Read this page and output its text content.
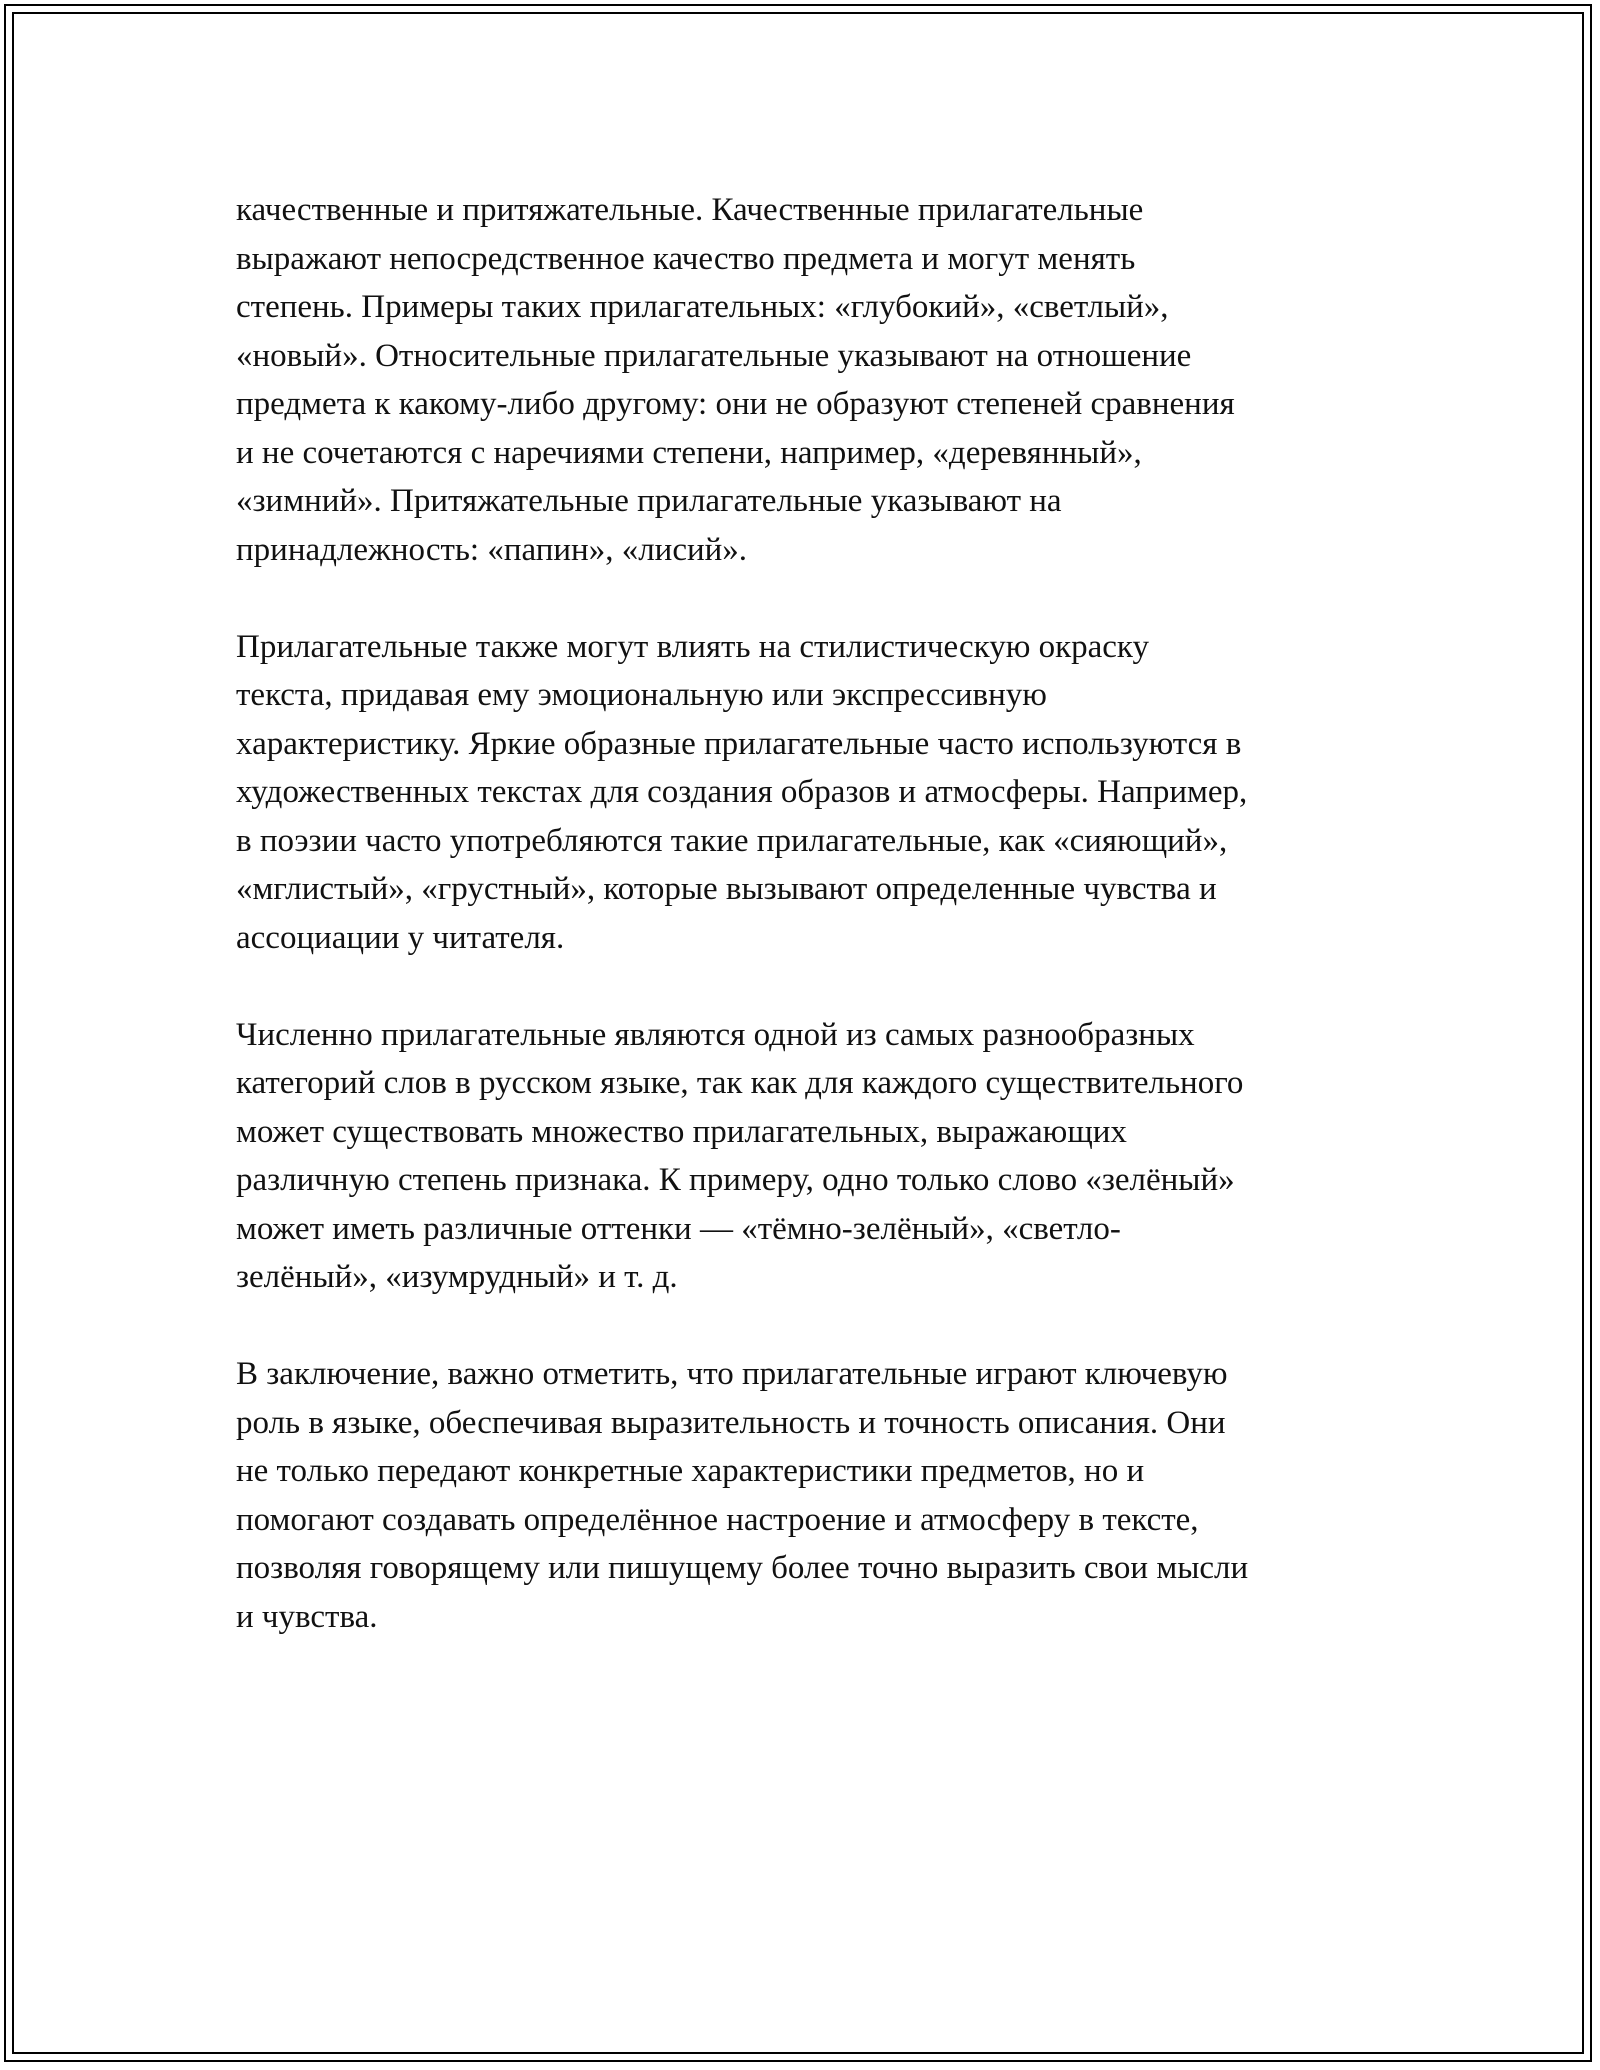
качественные и притяжательные. Качественные прилагательные
выражают непосредственное качество предмета и могут менять
степень. Примеры таких прилагательных: «глубокий», «светлый»,
«новый». Относительные прилагательные указывают на отношение
предмета к какому-либо другому: они не образуют степеней сравнения
и не сочетаются с наречиями степени, например, «деревянный»,
«зимний». Притяжательные прилагательные указывают на
принадлежность: «папин», «лисий».

Прилагательные также могут влиять на стилистическую окраску
текста, придавая ему эмоциональную или экспрессивную
характеристику. Яркие образные прилагательные часто используются в
художественных текстах для создания образов и атмосферы. Например,
в поэзии часто употребляются такие прилагательные, как «сияющий»,
«мглистый», «грустный», которые вызывают определенные чувства и
ассоциации у читателя.

Численно прилагательные являются одной из самых разнообразных
категорий слов в русском языке, так как для каждого существительного
может существовать множество прилагательных, выражающих
различную степень признака. К примеру, одно только слово «зелёный»
может иметь различные оттенки — «тёмно-зелёный», «светло-
зелёный», «изумрудный» и т. д.

В заключение, важно отметить, что прилагательные играют ключевую
роль в языке, обеспечивая выразительность и точность описания. Они
не только передают конкретные характеристики предметов, но и
помогают создавать определённое настроение и атмосферу в тексте,
позволяя говорящему или пишущему более точно выразить свои мысли
и чувства.
